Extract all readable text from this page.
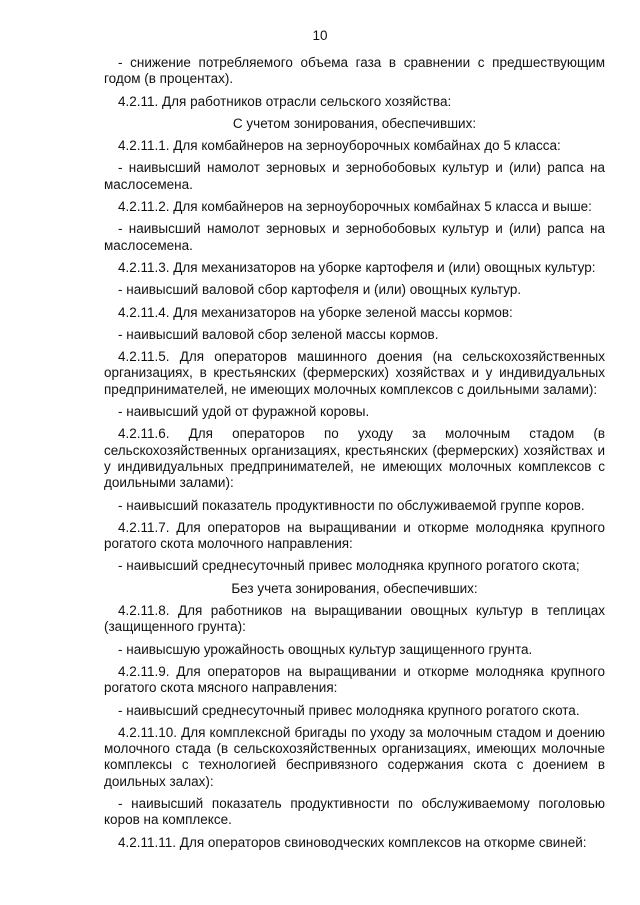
10

- снижение потребляемого объема газа в сравнении с предшествующим годом (в процентах).

4.2.11. Для работников отрасли сельского хозяйства:

С учетом зонирования, обеспечивших:

4.2.11.1. Для комбайнеров на зерноуборочных комбайнах до 5 класса:

- наивысший намолот зерновых и зернобобовых культур и (или) рапса на маслосемена.

4.2.11.2. Для комбайнеров на зерноуборочных комбайнах 5 класса и выше:

- наивысший намолот зерновых и зернобобовых культур и (или) рапса на маслосемена.

4.2.11.3. Для механизаторов на уборке картофеля и (или) овощных культур:

- наивысший валовой сбор картофеля и (или) овощных культур.

4.2.11.4. Для механизаторов на уборке зеленой массы кормов:

- наивысший валовой сбор зеленой массы кормов.

4.2.11.5. Для операторов машинного доения (на сельскохозяйственных организациях, в крестьянских (фермерских) хозяйствах и у индивидуальных предпринимателей, не имеющих молочных комплексов с доильными залами):

- наивысший удой от фуражной коровы.

4.2.11.6. Для операторов по уходу за молочным стадом (в сельскохозяйственных организациях, крестьянских (фермерских) хозяйствах и у индивидуальных предпринимателей, не имеющих молочных комплексов с доильными залами):

- наивысший показатель продуктивности по обслуживаемой группе коров.

4.2.11.7. Для операторов на выращивании и откорме молодняка крупного рогатого скота молочного направления:

- наивысший среднесуточный привес молодняка крупного рогатого скота;

Без учета зонирования, обеспечивших:

4.2.11.8. Для работников на выращивании овощных культур в теплицах (защищенного грунта):

- наивысшую урожайность овощных культур защищенного грунта.

4.2.11.9. Для операторов на выращивании и откорме молодняка крупного рогатого скота мясного направления:

- наивысший среднесуточный привес молодняка крупного рогатого скота.

4.2.11.10. Для комплексной бригады по уходу за молочным стадом и доению молочного стада (в сельскохозяйственных организациях, имеющих молочные комплексы с технологией беспривязного содержания скота с доением в доильных залах):

- наивысший показатель продуктивности по обслуживаемому поголовью коров на комплексе.

4.2.11.11. Для операторов свиноводческих комплексов на откорме свиней:
